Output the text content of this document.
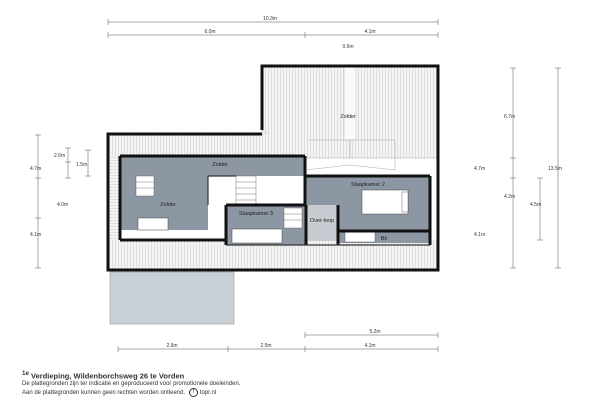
10.3m
6.0m	4.1m
0.6m
4.7m
4.0m
4.1m
2.6m
1.5m
6.7m
4.7m
4.1m
4.2m
4.5m
13.5m
5.2m
2.6m	2.5m	4.1m
Zolder
Zolder
Zolder
Slaapkamer 2
Slaapkamer 3
Over-loop
Bk
$^{1e}$ Verdieping, Wildenborchsweg 26 te Vorden
De plattegronden zijn ter indicatie en geproduceerd voor promotionele doeleinden.
Aan de plattegronden kunnen geen rechten worden ontleend. T topr.nl
